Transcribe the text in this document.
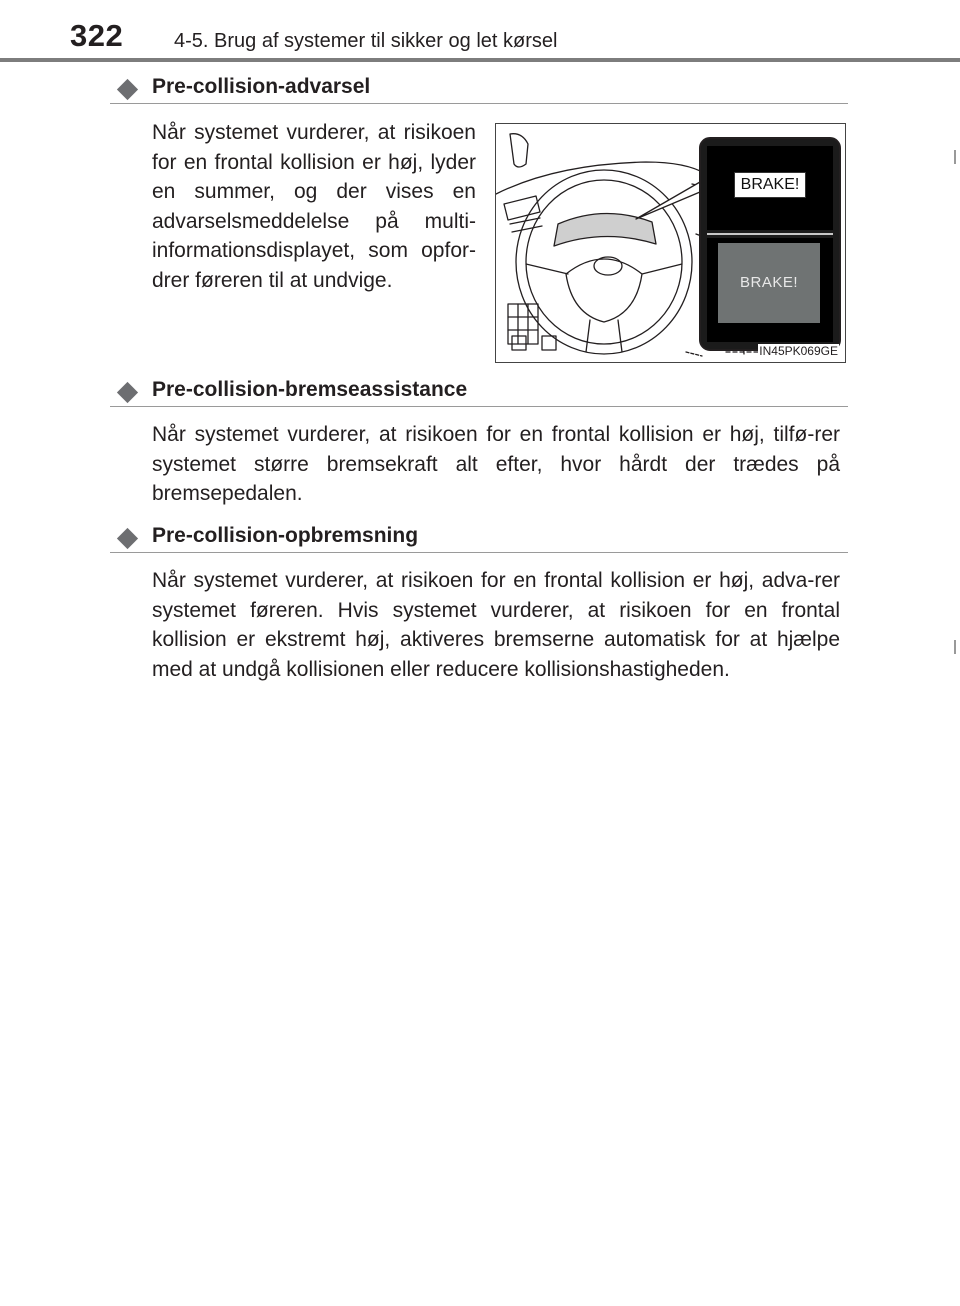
322	4-5. Brug af systemer til sikker og let kørsel
Pre-collision-advarsel
Når systemet vurderer, at risikoen for en frontal kollision er høj, lyder en summer, og der vises en advarselsmeddelelse på multi-informationsdisplayet, som opfor-drer føreren til at undvige.
IN45PK069GE
BRAKE!
BRAKE!
Pre-collision-bremseassistance
Når systemet vurderer, at risikoen for en frontal kollision er høj, tilfø-rer systemet større bremsekraft alt efter, hvor hårdt der trædes på bremsepedalen.
Pre-collision-opbremsning
Når systemet vurderer, at risikoen for en frontal kollision er høj, adva-rer systemet føreren. Hvis systemet vurderer, at risikoen for en frontal kollision er ekstremt høj, aktiveres bremserne automatisk for at hjælpe med at undgå kollisionen eller reducere kollisionshastigheden.
